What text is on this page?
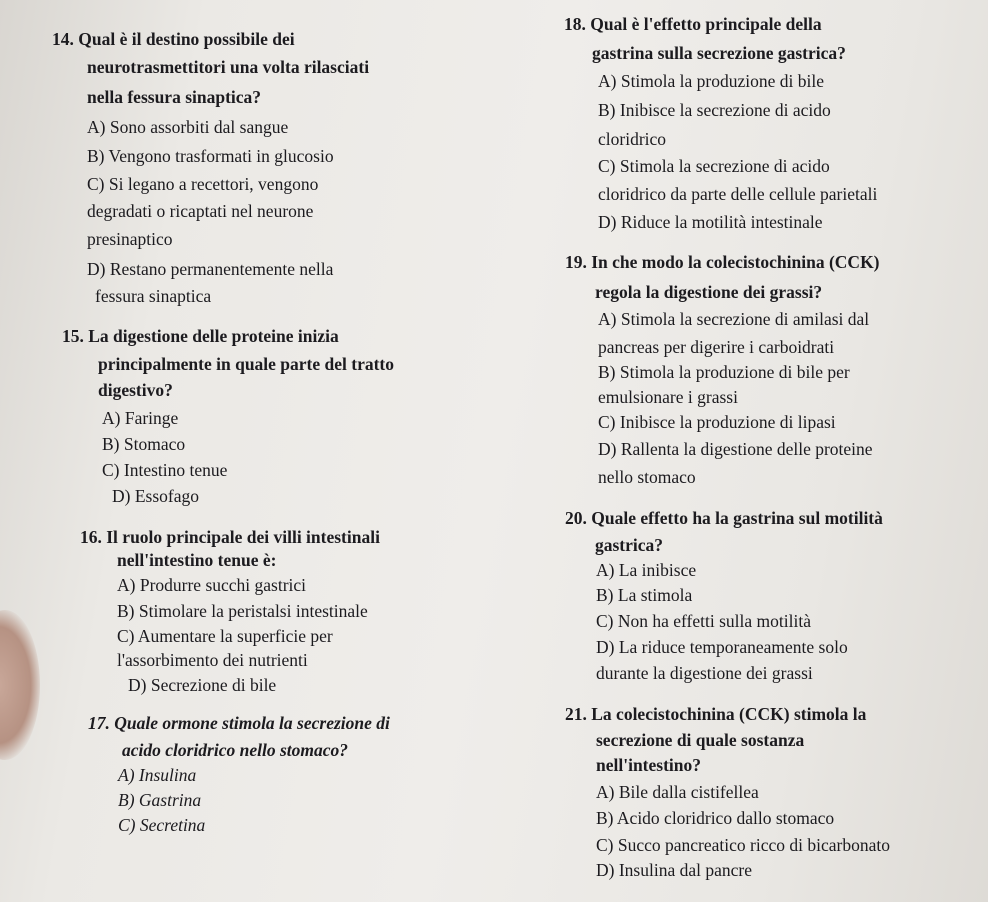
14. Qual è il destino possibile dei
neurotrasmettitori una volta rilasciati
nella fessura sinaptica?
A) Sono assorbiti dal sangue
B) Vengono trasformati in glucosio
C) Si legano a recettori, vengono
degradati o ricaptati nel neurone
presinaptico
D) Restano permanentemente nella
fessura sinaptica
15. La digestione delle proteine inizia
principalmente in quale parte del tratto
digestivo?
A) Faringe
B) Stomaco
C) Intestino tenue
D) Essofago
16. Il ruolo principale dei villi intestinali
nell'intestino tenue è:
A) Produrre succhi gastrici
B) Stimolare la peristalsi intestinale
C) Aumentare la superficie per
l'assorbimento dei nutrienti
D) Secrezione di bile
17. Quale ormone stimola la secrezione di
acido cloridrico nello stomaco?
A) Insulina
B) Gastrina
C) Secretina
18. Qual è l'effetto principale della
gastrina sulla secrezione gastrica?
A) Stimola la produzione di bile
B) Inibisce la secrezione di acido
cloridrico
C) Stimola la secrezione di acido
cloridrico da parte delle cellule parietali
D) Riduce la motilità intestinale
19. In che modo la colecistochinina (CCK)
regola la digestione dei grassi?
A) Stimola la secrezione di amilasi dal
pancreas per digerire i carboidrati
B) Stimola la produzione di bile per
emulsionare i grassi
C) Inibisce la produzione di lipasi
D) Rallenta la digestione delle proteine
nello stomaco
20. Quale effetto ha la gastrina sul motilità
gastrica?
A) La inibisce
B) La stimola
C) Non ha effetti sulla motilità
D) La riduce temporaneamente solo
durante la digestione dei grassi
21. La colecistochinina (CCK) stimola la
secrezione di quale sostanza
nell'intestino?
A) Bile dalla cistifellea
B) Acido cloridrico dallo stomaco
C) Succo pancreatico ricco di bicarbonato
D) Insulina dal pancre
